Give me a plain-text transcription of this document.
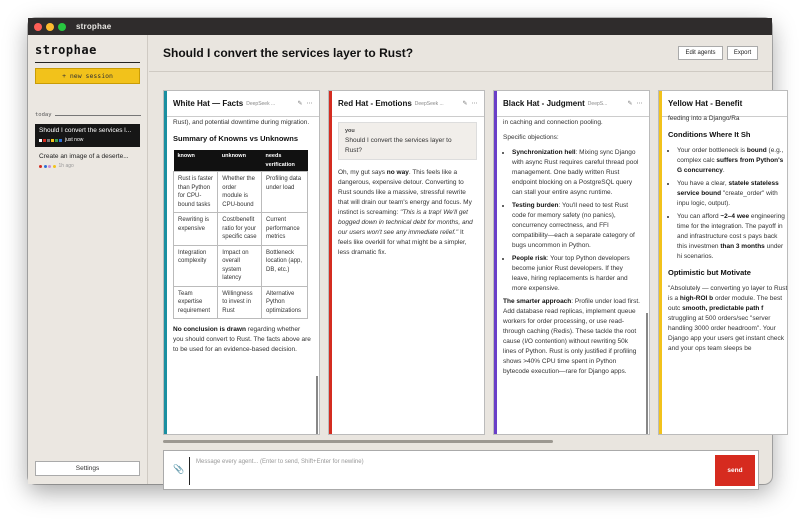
strophae
strophae
+ new session
today
Should I convert the services l...
just now
Create an image of a deserte...
1h ago
Settings
Should I convert the services layer to Rust?	Edit agents	Export
White Hat — Facts DeepSeek ...	✎ ⋯

Rust), and potential downtime during migration.

Summary of Knowns vs Unknowns
known	unknown	needs verification
Rust is faster than Python for CPU-bound tasks	Whether the order module is CPU-bound	Profiling data under load
Rewriting is expensive	Cost/benefit ratio for your specific case	Current performance metrics
Integration complexity	Impact on overall system latency	Bottleneck location (app, DB, etc.)
Team expertise requirement	Willingness to invest in Rust	Alternative Python optimizations

No conclusion is drawn regarding whether you should convert to Rust. The facts above are to be used for an evidence-based decision.

Red Hat - Emotions DeepSeek ...	✎ ⋯
you
Should I convert the services layer to Rust?

Oh, my gut says no way. This feels like a dangerous, expensive detour. Converting to Rust sounds like a massive, stressful rewrite that will drain our team's energy and focus. My instinct is screaming: "This is a trap! We'll get bogged down in technical debt for months, and our users won't see any immediate relief." It feels like overkill for what might be a simpler, less dramatic fix.

Black Hat - Judgment DeepS...	✎ ⋯

in caching and connection pooling.

Specific objections:

• Synchronization hell: Mixing sync Django with async Rust requires careful thread pool management. One badly written Rust endpoint blocking on a PostgreSQL query can stall your entire async runtime.
• Testing burden: You'll need to test Rust code for memory safety (no panics), concurrency correctness, and FFI compatibility—each a separate category of bugs uncommon in Python.
• People risk: Your top Python developers become junior Rust developers. If they leave, hiring replacements is harder and more expensive.

The smarter approach: Profile under load first. Add database read replicas, implement queue workers for order processing, or use read-through caching (Redis). These tackle the root cause (I/O contention) without rewriting 50k lines of Python. Rust is only justified if profiling shows >40% CPU time spent in Python bytecode execution—rare for Django apps.

Yellow Hat - Benefit

feeding into a Django/Ra

Conditions Where It Sh
• Your order bottleneck is bound (e.g., complex calc suffers from Python's G concurrency.
• You have a clear, statele stateless service bound "create_order" with inpu logic, output).
• You can afford ~2–4 wee engineering time for the integration. The payoff in and infrastructure cost s pays back this investmen than 3 months under hi scenarios.
Optimistic but Motivate

"Absolutely — converting yo layer to Rust is a high-ROI b order module. The best outc smooth, predictable path f struggling at 500 orders/sec "server handling 3000 order headroom". Your Django app your users get instant check and your ops team sleeps be

📎
Message every agent... (Enter to send, Shift+Enter for newline)
send
